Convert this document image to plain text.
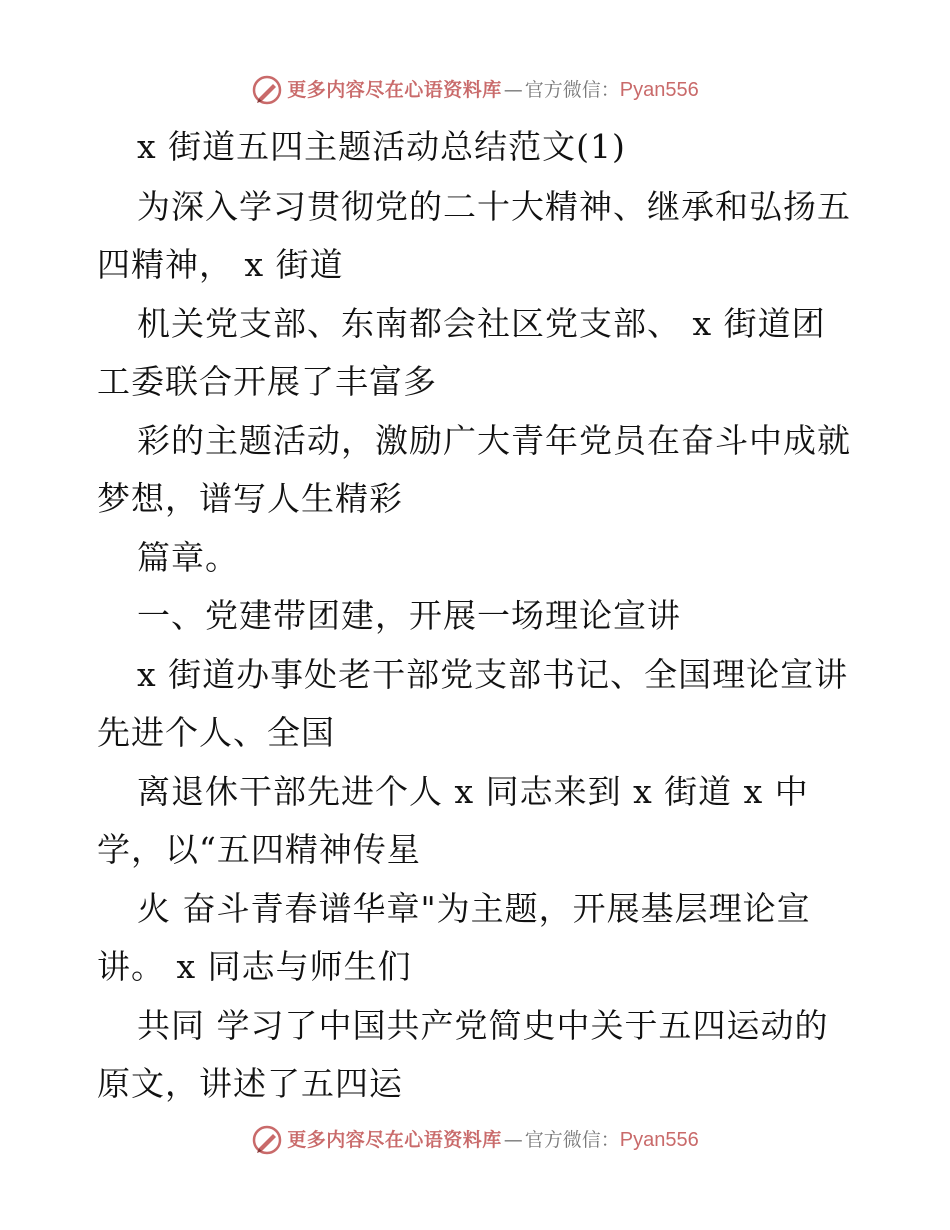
更多内容尽在心语资料库 — 官方微信： Pyan556
x 街道五四主题活动总结范文(1)
为深入学习贯彻党的二十大精神、继承和弘扬五
四精神， x 街道
机关党支部、东南都会社区党支部、 x 街道团
工委联合开展了丰富多
彩的主题活动，激励广大青年党员在奋斗中成就
梦想，谱写人生精彩
篇章。
一、党建带团建，开展一场理论宣讲
x 街道办事处老干部党支部书记、全国理论宣讲
先进个人、全国
离退休干部先进个人 x 同志来到 x 街道 x 中
学，以“五四精神传星
火 奋斗青春谱华章"为主题，开展基层理论宣
讲。 x 同志与师生们
共同 学习了中国共产党简史中关于五四运动的
原文，讲述了五四运
更多内容尽在心语资料库 — 官方微信： Pyan556
